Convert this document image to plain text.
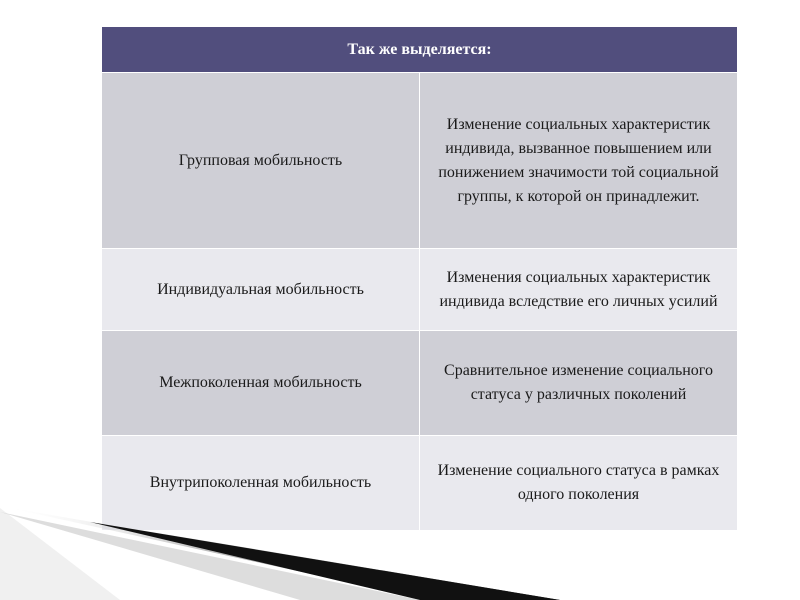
Так же выделяется:	
Групповая мобильность	Изменение социальных характеристик индивида, вызванное повышением или понижением значимости той социальной группы, к которой он принадлежит.
Индивидуальная мобильность	Изменения социальных характеристик индивида вследствие его личных усилий
Межпоколенная мобильность	Сравнительное изменение социального статуса у различных поколений
Внутрипоколенная мобильность	Изменение социального статуса в рамках одного поколения
